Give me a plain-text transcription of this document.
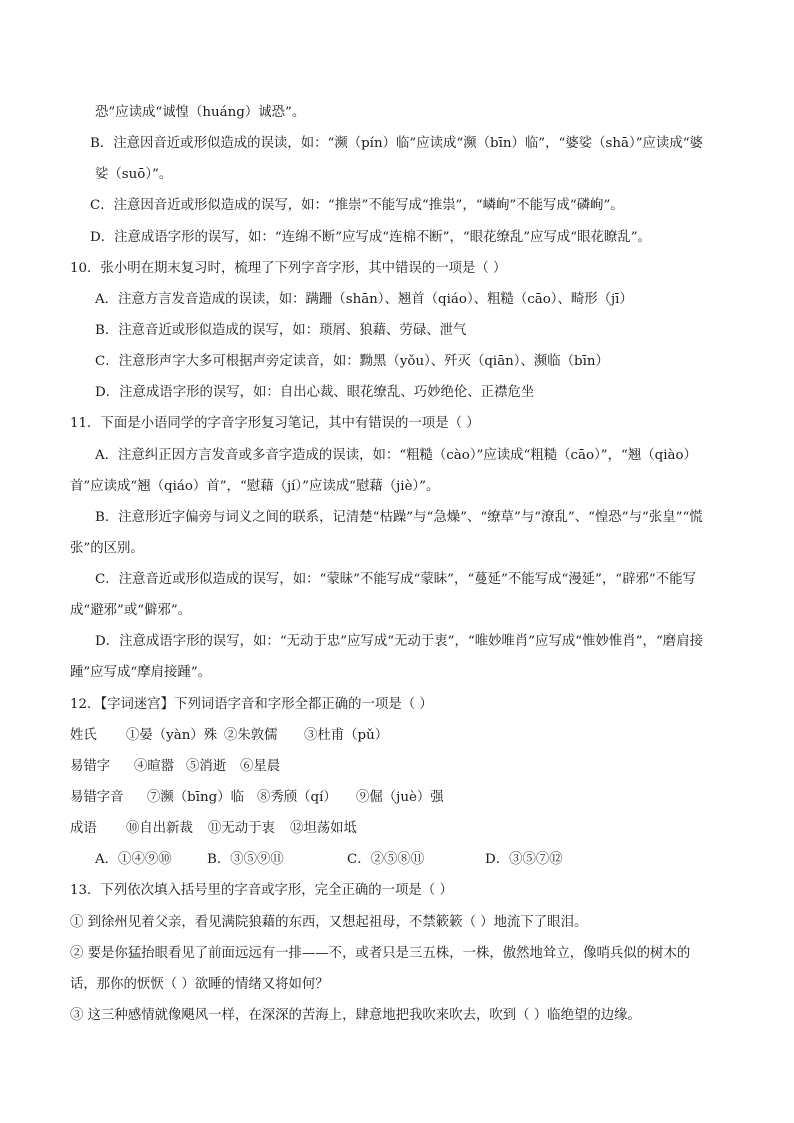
恐”应读成“诚惶（huáng）诚恐”。
B．注意因音近或形似造成的误读，如：“濒（pín）临”应读成“濒（bīn）临”，“婆娑（shā）”应读成“婆
娑（suō）”。
C．注意因音近或形似造成的误写，如：“推崇”不能写成“推祟”，“嶙峋”不能写成“磷峋”。
D．注意成语字形的误写，如：“连绵不断”应写成“连棉不断”，“眼花缭乱”应写成“眼花瞭乱”。
10．张小明在期末复习时，梳理了下列字音字形，其中错误的一项是（ ）
A．注意方言发音造成的误读，如：蹒跚（shān）、翘首（qiáo）、粗糙（cāo）、畸形（jī）
B．注意音近或形似造成的误写，如：琐屑、狼藉、劳碌、泄气
C．注意形声字大多可根据声旁定读音，如：黝黑（yǒu）、歼灭（qiān）、濒临（bīn）
D．注意成语字形的误写，如：自出心裁、眼花缭乱、巧妙绝伦、正襟危坐
11．下面是小语同学的字音字形复习笔记，其中有错误的一项是（ ）
A．注意纠正因方言发音或多音字造成的误读，如：“粗糙（cào）”应读成“粗糙（cāo）”，“翘（qiào）
首”应读成“翘（qiáo）首”，“慰藉（jí）”应读成“慰藉（jiè）”。
B．注意形近字偏旁与词义之间的联系，记清楚“枯躁”与“急燥”、“缭草”与“潦乱”、“惶恐”与“张皇”“慌
张”的区别。
C．注意音近或形似造成的误写，如：“蒙昧”不能写成“蒙眛”，“蔓延”不能写成“漫延”，“辟邪”不能写
成“避邪”或“僻邪”。
D．注意成语字形的误写，如：“无动于忠”应写成“无动于衷”，“唯妙唯肖”应写成“惟妙惟肖”，“磨肩接
踵”应写成“摩肩接踵”。
12．【字词迷宫】下列词语字音和字形全都正确的一项是（ ）
姓氏 ①晏（yàn）殊 ②朱敦儒 ③杜甫（pǔ）
易错字 ④暄嚣 ⑤消逝 ⑥星晨
易错字音 ⑦濒（bīng）临 ⑧秀颀（qí） ⑨倔（juè）强
成语 ⑩自出新裁 ⑪无动于衷 ⑫坦荡如坻
A．①④⑨⑩	B．③⑤⑨⑪	C．②⑤⑧⑪	D．③⑤⑦⑫
13．下列依次填入括号里的字音或字形，完全正确的一项是（ ）
① 到徐州见着父亲，看见满院狼藉的东西，又想起祖母，不禁簌簌（ ）地流下了眼泪。
② 要是你猛抬眼看见了前面远远有一排——不，或者只是三五株，一株，傲然地耸立，像哨兵似的树木的
话，那你的恹恹（ ）欲睡的情绪又将如何？
③ 这三种感情就像飓风一样，在深深的苦海上，肆意地把我吹来吹去，吹到（ ）临绝望的边缘。
